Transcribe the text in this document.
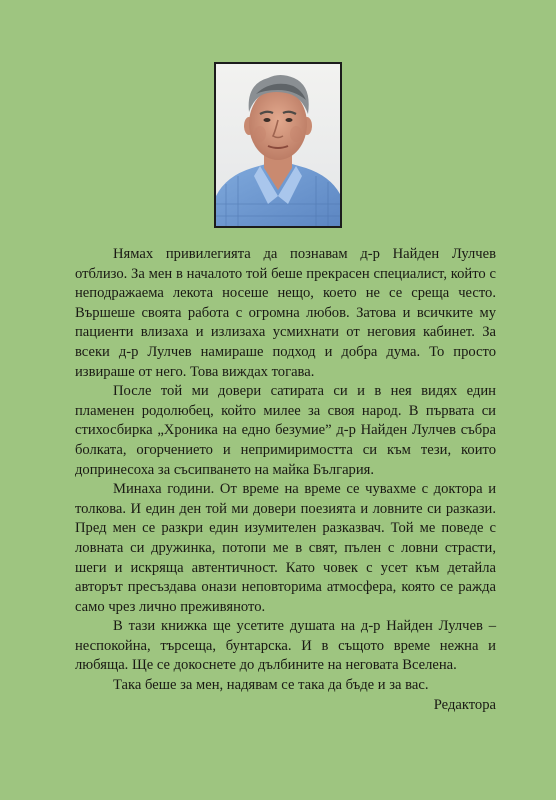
Нямах привилегията да познавам д-р Найден Лулчев отблизо. За мен в началото той беше прекрасен специалист, който с неподражаема лекота носеше нещо, което не се среща често. Вършеше своята работа с огромна любов. Затова и всичките му пациенти влизаха и излизаха усмихнати от неговия кабинет. За всеки д-р Лулчев намираше подход и добра дума. То просто извираше от него. Това виждах тогава.

После той ми довери сатирата си и в нея видях един пламенен родолюбец, който милее за своя народ. В първата си стихосбирка „Хроника на едно безумие” д-р Найден Лулчев събра болката, огорчението и непримиримостта си към тези, които допринесоха за съсипването на майка България.

Минаха години. От време на време се чувахме с доктора и толкова. И един ден той ми довери поезията и ловните си разкази. Пред мен се разкри един изумителен разказвач. Той ме поведе с ловната си дружинка, потопи ме в свят, пълен с ловни страсти, шеги и искряща автентичност. Като човек с усет към детайла авторът пресъздава онази неповторима атмосфера, която се ражда само чрез лично преживяното.

В тази книжка ще усетите душата на д-р Найден Лулчев – неспокойна, търсеща, бунтарска. И в същото време нежна и любяща. Ще се докоснете до дълбините на неговата Вселена.

Така беше за мен, надявам се така да бъде и за вас.

Редактора
